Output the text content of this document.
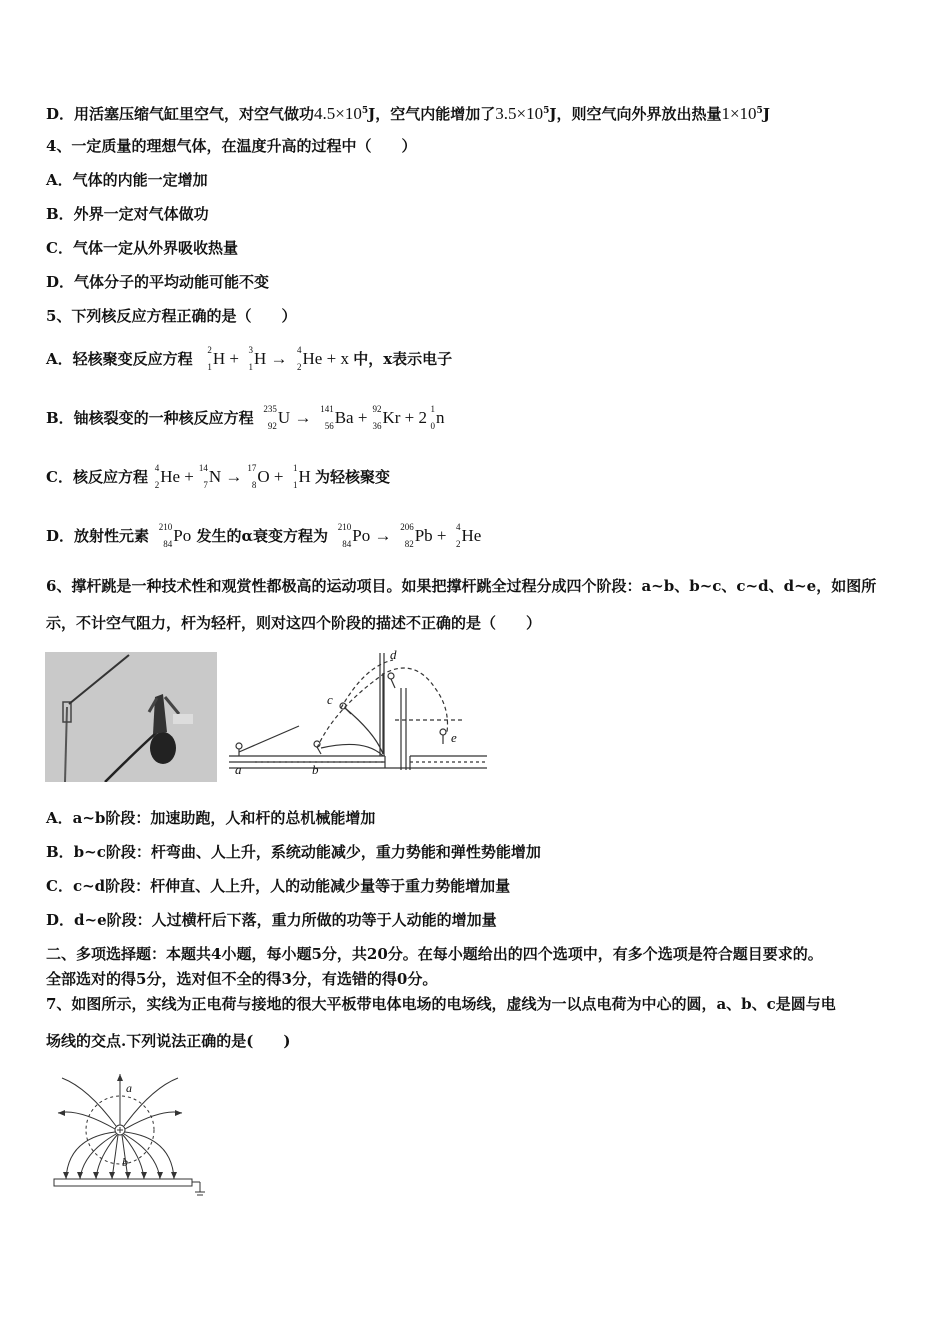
D．用活塞压缩气缸里空气，对空气做功$4.5\times 10^5J$，空气内能增加了$3.5\times 10^5J$，则空气向外界放出热量$1\times 10^5J$
4、一定质量的理想气体，在温度升高的过程中（　　）
A．气体的内能一定增加
B．外界一定对气体做功
C．气体一定从外界吸收热量
D．气体分子的平均动能可能不变
5、下列核反应方程正确的是（　　）
A．轻核聚变反应方程 2
1 H + 3
1 H → 4
2 He + x 中，x表示电子
B．铀核裂变的一种核反应方程 235
92 U → 141
56 Ba + 92
36 Kr + 2 1
0 n
C．核反应方程 4
2 He + 14
7 N → 17
8 O + 1
1 H 为轻核聚变
D．放射性元素 210
84 Po 发生的α衰变方程为 210
84 Po → 206
82 Pb + 4
2 He
6、撑杆跳是一种技术性和观赏性都极高的运动项目。如果把撑杆跳全过程分成四个阶段：a~b、b~c、c~d、d~e，如图所
示，不计空气阻力，杆为轻杆，则对这四个阶段的描述不正确的是（　　）
a	b
c
d
e
A．a~b阶段：加速助跑，人和杆的总机械能增加
B．b~c阶段：杆弯曲、人上升，系统动能减少，重力势能和弹性势能增加
C．c~d阶段：杆伸直、人上升，人的动能减少量等于重力势能增加量
D．d~e阶段：人过横杆后下落，重力所做的功等于人动能的增加量
二、多项选择题：本题共4小题，每小题5分，共20分。在每小题给出的四个选项中，有多个选项是符合题目要求的。
全部选对的得5分，选对但不全的得3分，有选错的得0分。
7、如图所示，实线为正电荷与接地的很大平板带电体电场的电场线，虚线为一以点电荷为中心的圆，a、b、c是圆与电
场线的交点.下列说法正确的是(　　)
a
b
